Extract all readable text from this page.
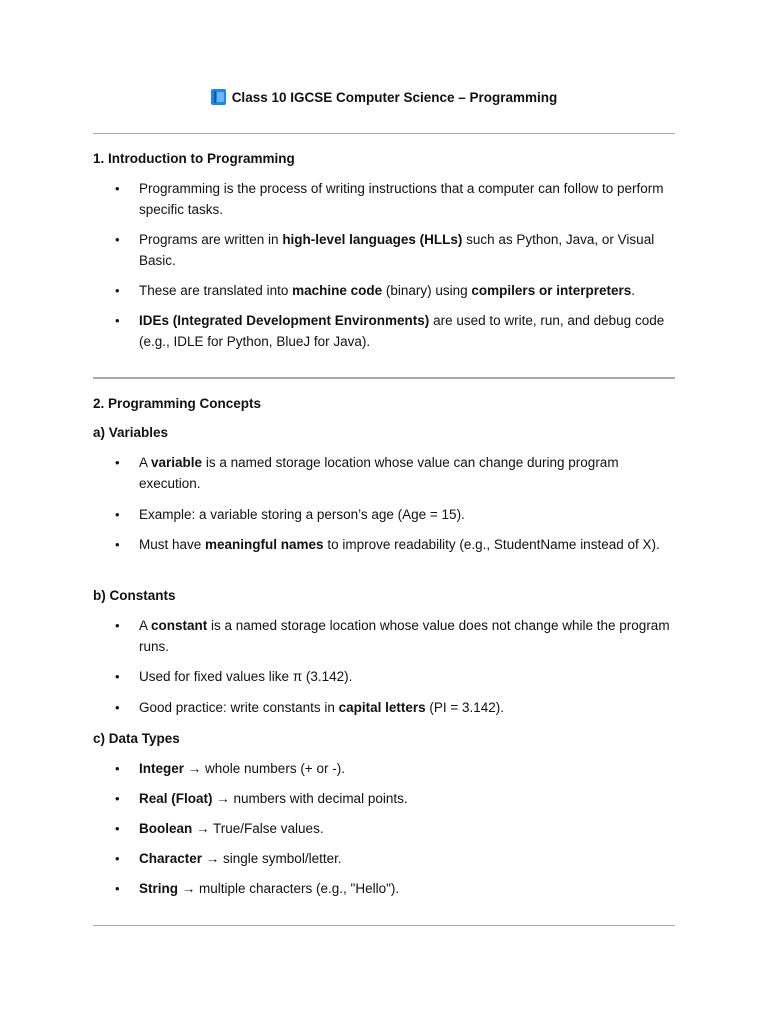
Class 10 IGCSE Computer Science – Programming
1. Introduction to Programming
• Programming is the process of writing instructions that a computer can follow to perform specific tasks.
• Programs are written in high-level languages (HLLs) such as Python, Java, or Visual Basic.
• These are translated into machine code (binary) using compilers or interpreters.
• IDEs (Integrated Development Environments) are used to write, run, and debug code (e.g., IDLE for Python, BlueJ for Java).
2. Programming Concepts
a) Variables
• A variable is a named storage location whose value can change during program execution.
• Example: a variable storing a person’s age (Age = 15).
• Must have meaningful names to improve readability (e.g., StudentName instead of X).
b) Constants
• A constant is a named storage location whose value does not change while the program runs.
• Used for fixed values like π (3.142).
• Good practice: write constants in capital letters (PI = 3.142).
c) Data Types
• Integer → whole numbers (+ or -).
• Real (Float) → numbers with decimal points.
• Boolean → True/False values.
• Character → single symbol/letter.
• String → multiple characters (e.g., "Hello").
